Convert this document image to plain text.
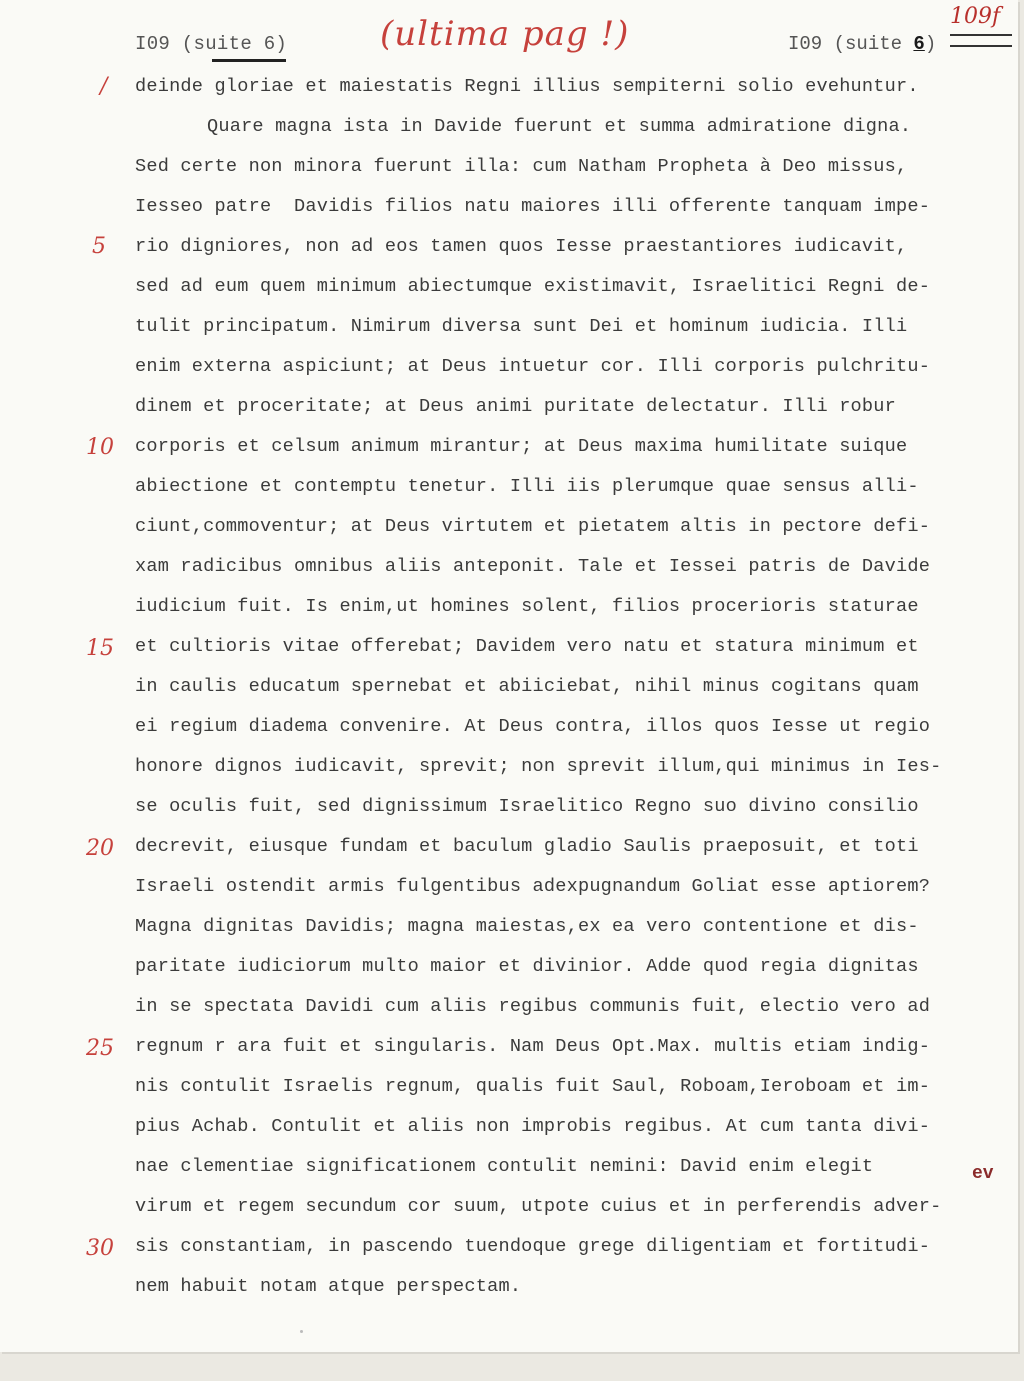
I09 (suite 6)	(ultima pag !)	I09 (suite 6)
109f
/
5
10
15
20
25
30
deinde gloriae et maiestatis Regni illius sempiterni solio evehuntur.
Quare magna ista in Davide fuerunt et summa admiratione digna.
Sed certe non minora fuerunt illa: cum Natham Propheta à Deo missus,
Iesseo patre  Davidis filios natu maiores illi offerente tanquam impe-
rio digniores, non ad eos tamen quos Iesse praestantiores iudicavit,
sed ad eum quem minimum abiectumque existimavit, Israelitici Regni de-
tulit principatum. Nimirum diversa sunt Dei et hominum iudicia. Illi
enim externa aspiciunt; at Deus intuetur cor. Illi corporis pulchritu-
dinem et proceritate; at Deus animi puritate delectatur. Illi robur
corporis et celsum animum mirantur; at Deus maxima humilitate suique
abiectione et contemptu tenetur. Illi iis plerumque quae sensus alli-
ciunt,commoventur; at Deus virtutem et pietatem altis in pectore defi-
xam radicibus omnibus aliis anteponit. Tale et Iessei patris de Davide
iudicium fuit. Is enim,ut homines solent, filios procerioris staturae
et cultioris vitae offerebat; Davidem vero natu et statura minimum et
in caulis educatum spernebat et abiiciebat, nihil minus cogitans quam
ei regium diadema convenire. At Deus contra, illos quos Iesse ut regio
honore dignos iudicavit, sprevit; non sprevit illum,qui minimus in Ies-
se oculis fuit, sed dignissimum Israelitico Regno suo divino consilio
decrevit, eiusque fundam et baculum gladio Saulis praeposuit, et toti
Israeli ostendit armis fulgentibus adexpugnandum Goliat esse aptiorem?
Magna dignitas Davidis; magna maiestas,ex ea vero contentione et dis-
paritate iudiciorum multo maior et divinior. Adde quod regia dignitas
in se spectata Davidi cum aliis regibus communis fuit, electio vero ad
regnum r ara fuit et singularis. Nam Deus Opt.Max. multis etiam indig-
nis contulit Israelis regnum, qualis fuit Saul, Roboam,Ieroboam et im-
pius Achab. Contulit et aliis non improbis regibus. At cum tanta divi-
nae clementiae significationem contulit nemini: David enim elegit
virum et regem secundum cor suum, utpote cuius et in perferendis adver-
sis constantiam, in pascendo tuendoque grege diligentiam et fortitudi-
nem habuit notam atque perspectam.
ev
